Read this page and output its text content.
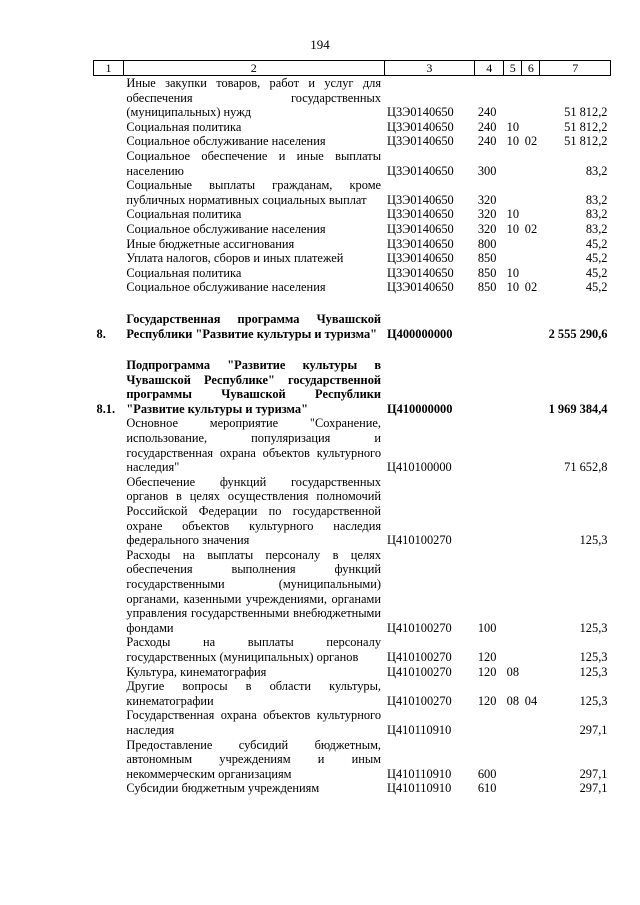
194
1	2	3	4	5	6	7
	Иные закупки товаров, работ и услуг для обеспечения государственных (муниципальных) нужд	Ц3Э0140650	240			51 812,2
	Социальная политика	Ц3Э0140650	240	10		51 812,2
	Социальное обслуживание населения	Ц3Э0140650	240	10	02	51 812,2
	Социальное обеспечение и иные выплаты населению	Ц3Э0140650	300			83,2
	Социальные выплаты гражданам, кроме публичных нормативных социальных выплат	Ц3Э0140650	320			83,2
	Социальная политика	Ц3Э0140650	320	10		83,2
	Социальное обслуживание населения	Ц3Э0140650	320	10	02	83,2
	Иные бюджетные ассигнования	Ц3Э0140650	800			45,2
	Уплата налогов, сборов и иных платежей	Ц3Э0140650	850			45,2
	Социальная политика	Ц3Э0140650	850	10		45,2
	Социальное обслуживание населения	Ц3Э0140650	850	10	02	45,2

8.	Государственная программа Чувашской Республики "Развитие культуры и туризма"	Ц400000000				2 555 290,6

8.1.	Подпрограмма "Развитие культуры в Чувашской Республике" государственной программы Чувашской Республики "Развитие культуры и туризма"	Ц410000000				1 969 384,4
	Основное мероприятие "Сохранение, использование, популяризация и государственная охрана объектов культурного наследия"	Ц410100000				71 652,8
	Обеспечение функций государственных органов в целях осуществления полномочий Российской Федерации по государственной охране объектов культурного наследия федерального значения	Ц410100270				125,3
	Расходы на выплаты персоналу в целях обеспечения выполнения функций государственными (муниципальными) органами, казенными учреждениями, органами управления государственными внебюджетными фондами	Ц410100270	100			125,3
	Расходы на выплаты персоналу государственных (муниципальных) органов	Ц410100270	120			125,3
	Культура, кинематография	Ц410100270	120	08		125,3
	Другие вопросы в области культуры, кинематографии	Ц410100270	120	08	04	125,3
	Государственная охрана объектов культурного наследия	Ц410110910				297,1
	Предоставление субсидий бюджетным, автономным учреждениям и иным некоммерческим организациям	Ц410110910	600			297,1
	Субсидии бюджетным учреждениям	Ц410110910	610			297,1
